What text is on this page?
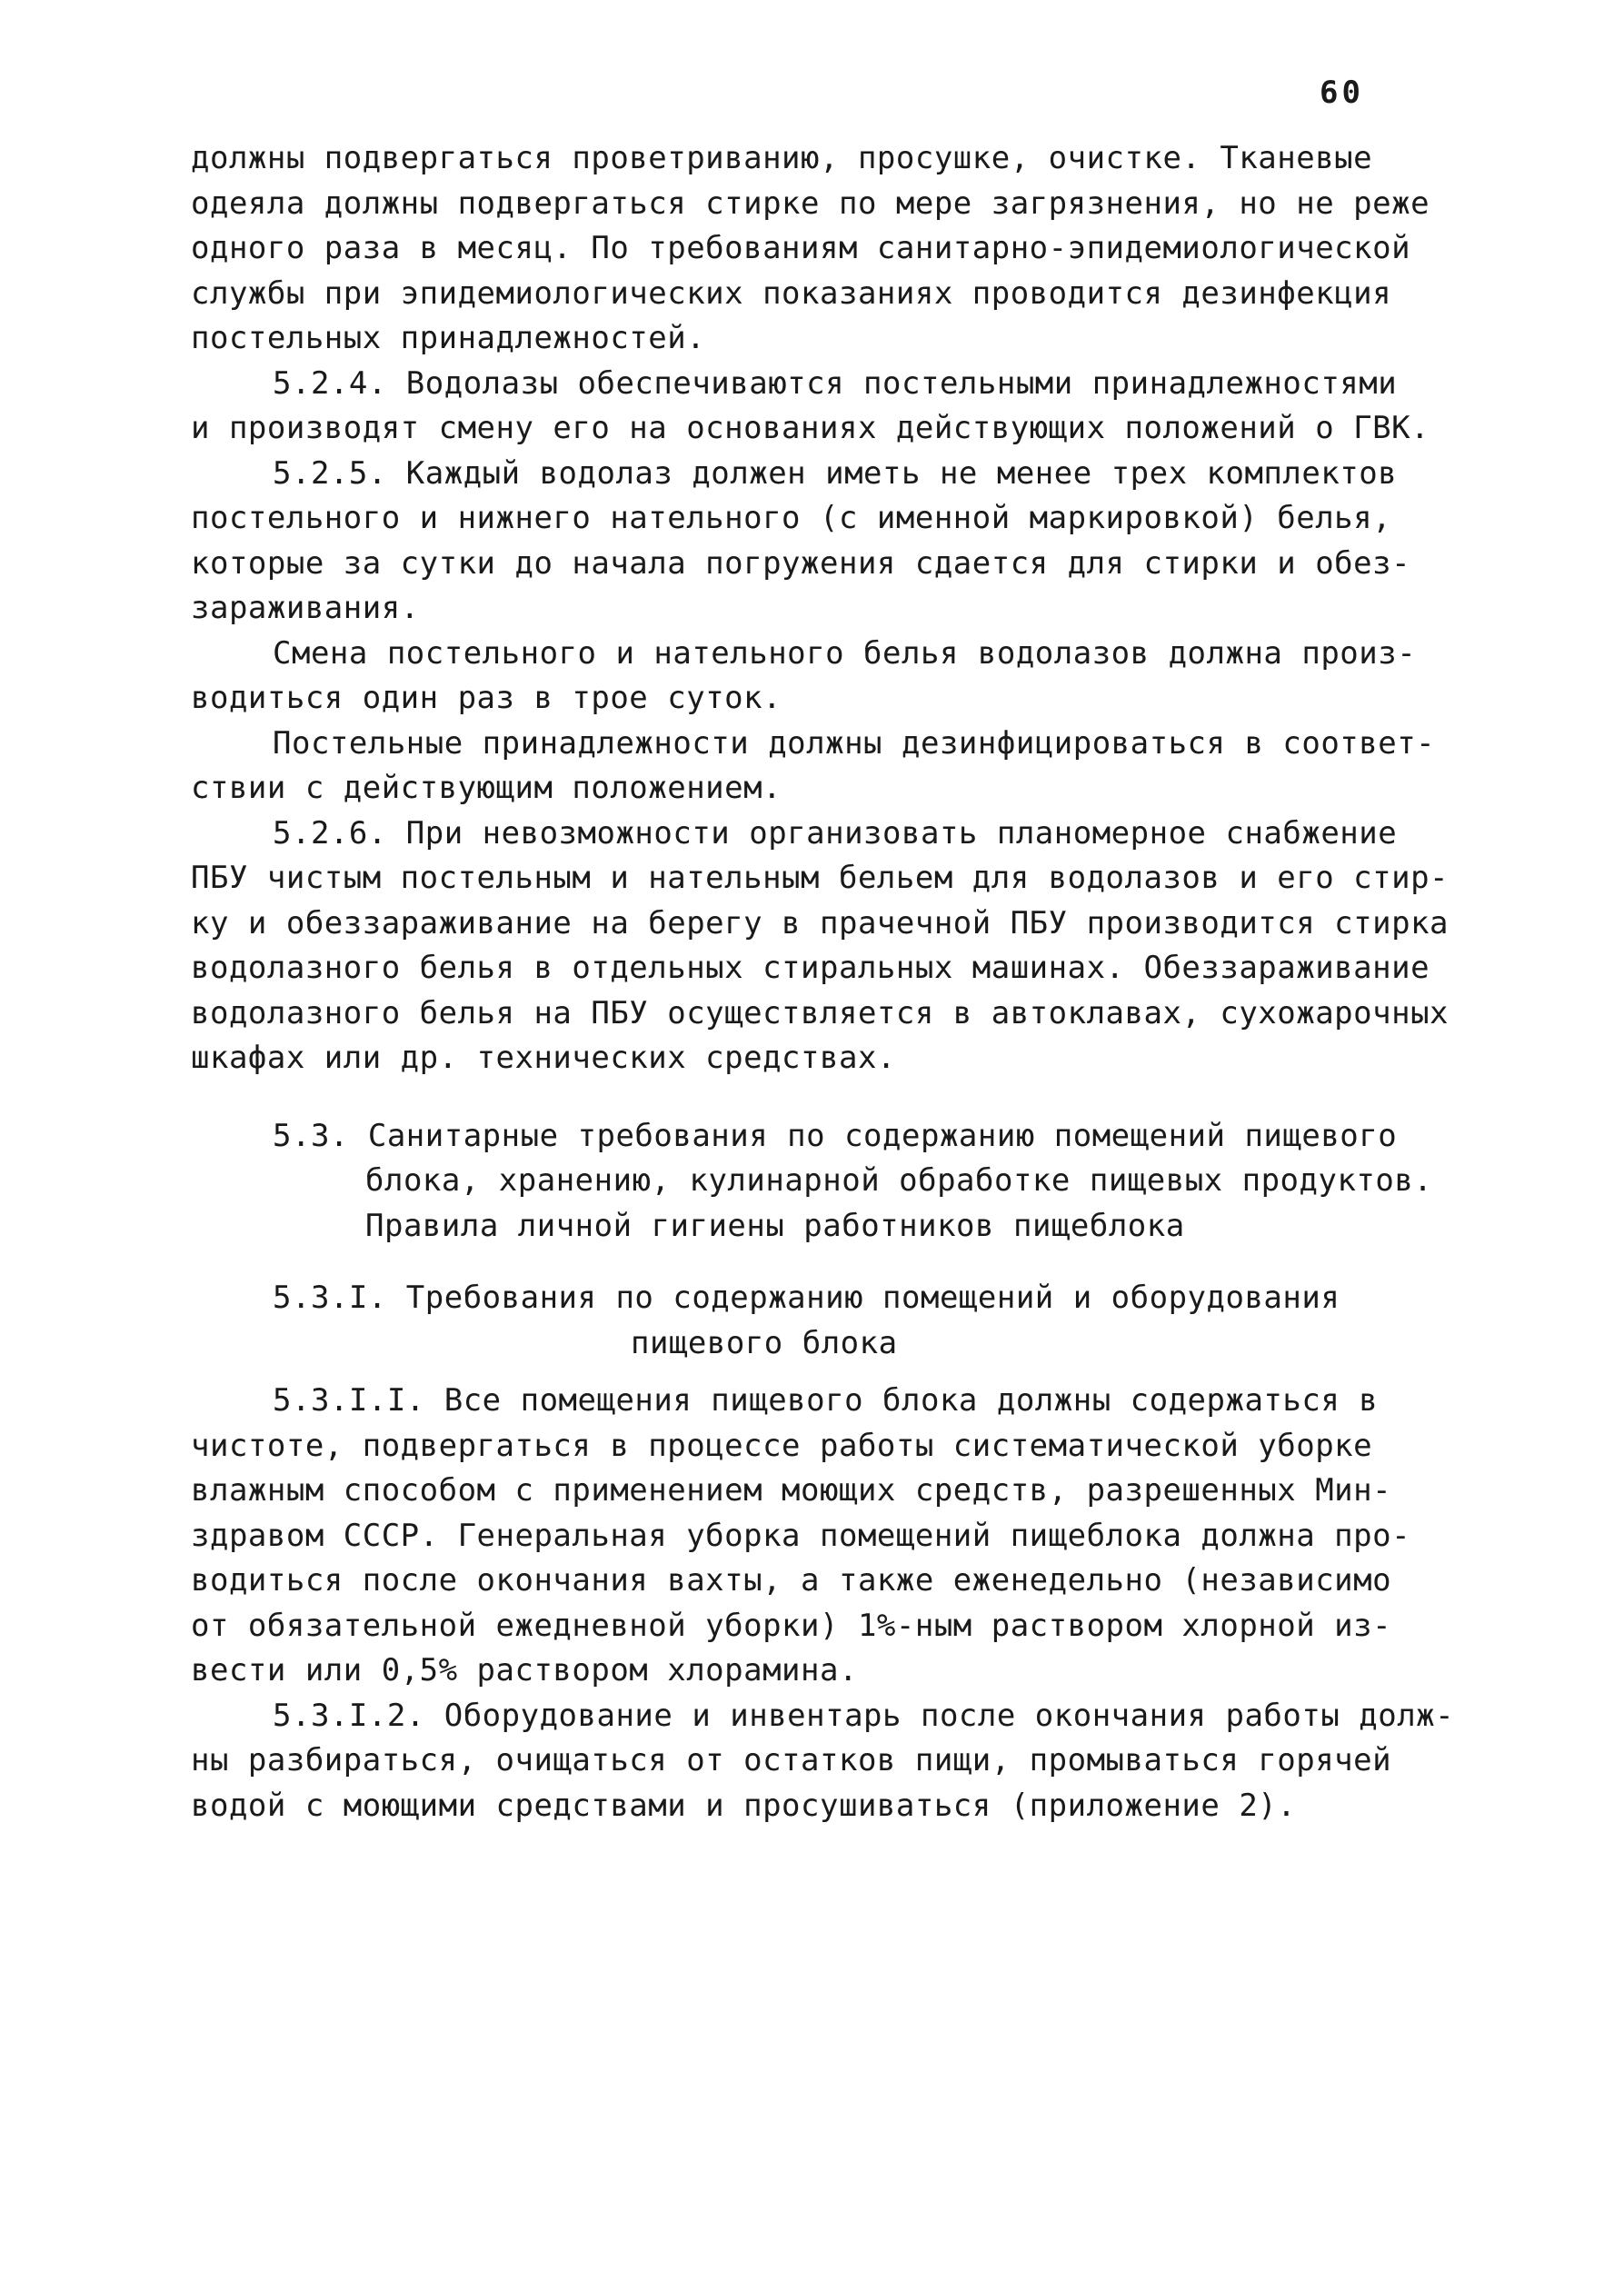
60
должны подвергаться проветриванию, просушке, очистке. Тканевые
одеяла должны подвергаться стирке по мере загрязнения, но не реже
одного раза в месяц. По требованиям санитарно-эпидемиологической
службы при эпидемиологических показаниях проводится дезинфекция
постельных принадлежностей.
5.2.4. Водолазы обеспечиваются постельными принадлежностями
и производят смену его на основаниях действующих положений о ГВК.
5.2.5. Каждый водолаз должен иметь не менее трех комплектов
постельного и нижнего нательного (с именной маркировкой) белья,
которые за сутки до начала погружения сдается для стирки и обез-
зараживания.
Смена постельного и нательного белья водолазов должна произ-
водиться один раз в трое суток.
Постельные принадлежности должны дезинфицироваться в соответ-
ствии с действующим положением.
5.2.6. При невозможности организовать планомерное снабжение
ПБУ чистым постельным и нательным бельем для водолазов и его стир-
ку и обеззараживание на берегу в прачечной ПБУ производится стирка
водолазного белья в отдельных стиральных машинах. Обеззараживание
водолазного белья на ПБУ осуществляется в автоклавах, сухожарочных
шкафах или др. технических средствах.
5.3. Санитарные требования по содержанию помещений пищевого
блока, хранению, кулинарной обработке пищевых продуктов.
Правила личной гигиены работников пищеблока
5.3.I. Требования по содержанию помещений и оборудования
пищевого блока
5.3.I.I. Все помещения пищевого блока должны содержаться в
чистоте, подвергаться в процессе работы систематической уборке
влажным способом с применением моющих средств, разрешенных Мин-
здравом СССР. Генеральная уборка помещений пищеблока должна про-
водиться после окончания вахты, а также еженедельно (независимо
от обязательной ежедневной уборки) 1%-ным раствором хлорной из-
вести или 0,5% раствором хлорамина.
5.3.I.2. Оборудование и инвентарь после окончания работы долж-
ны разбираться, очищаться от остатков пищи, промываться горячей
водой с моющими средствами и просушиваться (приложение 2).
